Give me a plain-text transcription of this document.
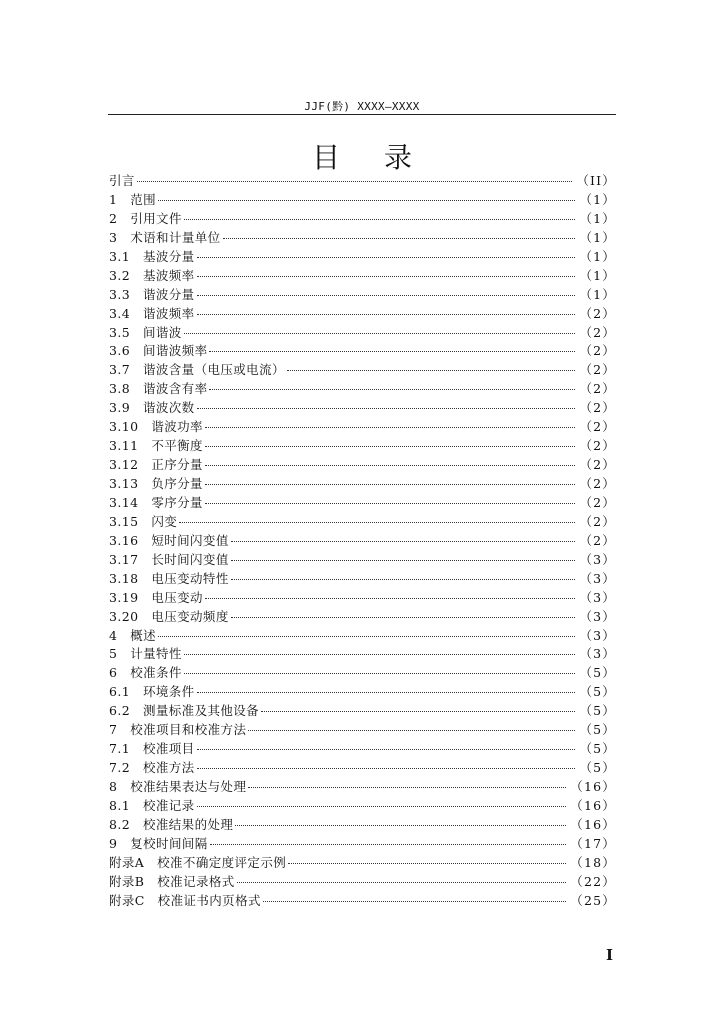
JJF(黔) XXXX—XXXX
目录
引言	（II）
1　范围	（1）
2　引用文件	（1）
3　术语和计量单位	（1）
3.1　基波分量	（1）
3.2　基波频率	（1）
3.3　谐波分量	（1）
3.4　谐波频率	（2）
3.5　间谐波	（2）
3.6　间谐波频率	（2）
3.7　谐波含量（电压或电流）	（2）
3.8　谐波含有率	（2）
3.9　谐波次数	（2）
3.10　谐波功率	（2）
3.11　不平衡度	（2）
3.12　正序分量	（2）
3.13　负序分量	（2）
3.14　零序分量	（2）
3.15　闪变	（2）
3.16　短时间闪变值	（2）
3.17　长时间闪变值	（3）
3.18　电压变动特性	（3）
3.19　电压变动	（3）
3.20　电压变动频度	（3）
4　概述	（3）
5　计量特性	（3）
6　校准条件	（5）
6.1　环境条件	（5）
6.2　测量标准及其他设备	（5）
7　校准项目和校准方法	（5）
7.1　校准项目	（5）
7.2　校准方法	（5）
8　校准结果表达与处理	（16）
8.1　校准记录	（16）
8.2　校准结果的处理	（16）
9　复校时间间隔	（17）
附录A　校准不确定度评定示例	（18）
附录B　校准记录格式	（22）
附录C　校准证书内页格式	（25）
I
